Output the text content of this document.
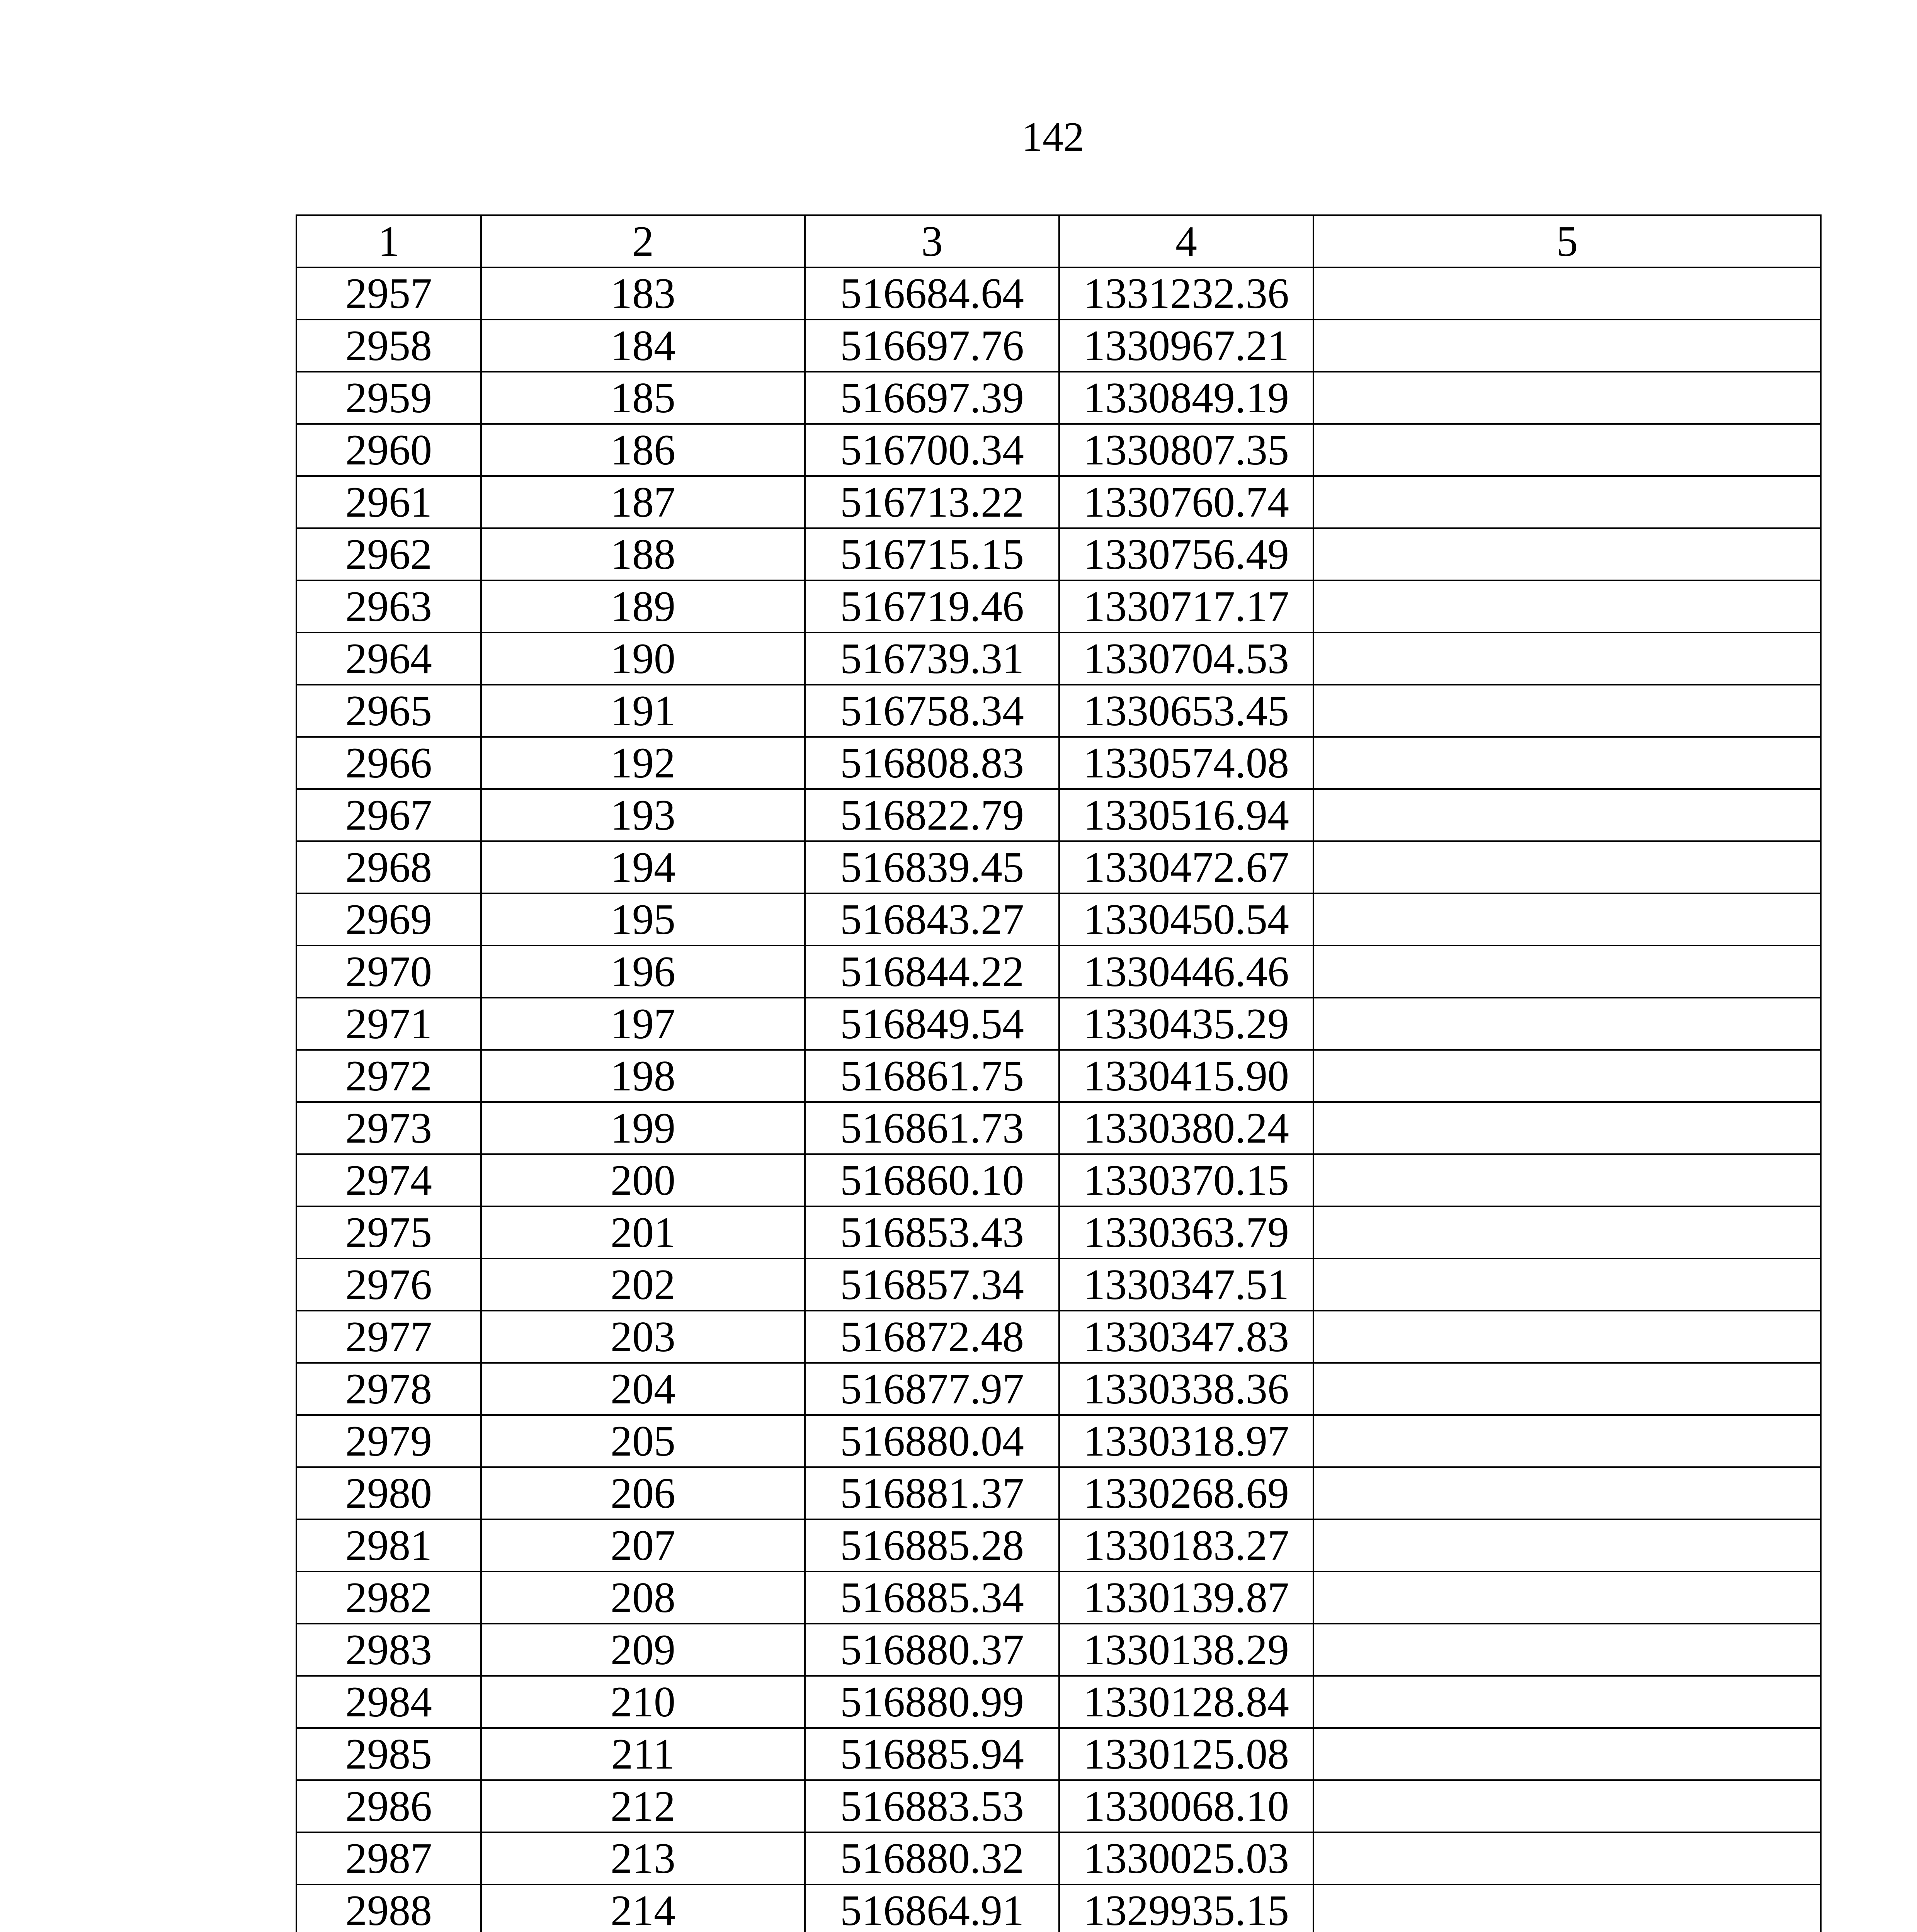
142
1	2	3	4	5
2957	183	516684.64	1331232.36	
2958	184	516697.76	1330967.21	
2959	185	516697.39	1330849.19	
2960	186	516700.34	1330807.35	
2961	187	516713.22	1330760.74	
2962	188	516715.15	1330756.49	
2963	189	516719.46	1330717.17	
2964	190	516739.31	1330704.53	
2965	191	516758.34	1330653.45	
2966	192	516808.83	1330574.08	
2967	193	516822.79	1330516.94	
2968	194	516839.45	1330472.67	
2969	195	516843.27	1330450.54	
2970	196	516844.22	1330446.46	
2971	197	516849.54	1330435.29	
2972	198	516861.75	1330415.90	
2973	199	516861.73	1330380.24	
2974	200	516860.10	1330370.15	
2975	201	516853.43	1330363.79	
2976	202	516857.34	1330347.51	
2977	203	516872.48	1330347.83	
2978	204	516877.97	1330338.36	
2979	205	516880.04	1330318.97	
2980	206	516881.37	1330268.69	
2981	207	516885.28	1330183.27	
2982	208	516885.34	1330139.87	
2983	209	516880.37	1330138.29	
2984	210	516880.99	1330128.84	
2985	211	516885.94	1330125.08	
2986	212	516883.53	1330068.10	
2987	213	516880.32	1330025.03	
2988	214	516864.91	1329935.15	
